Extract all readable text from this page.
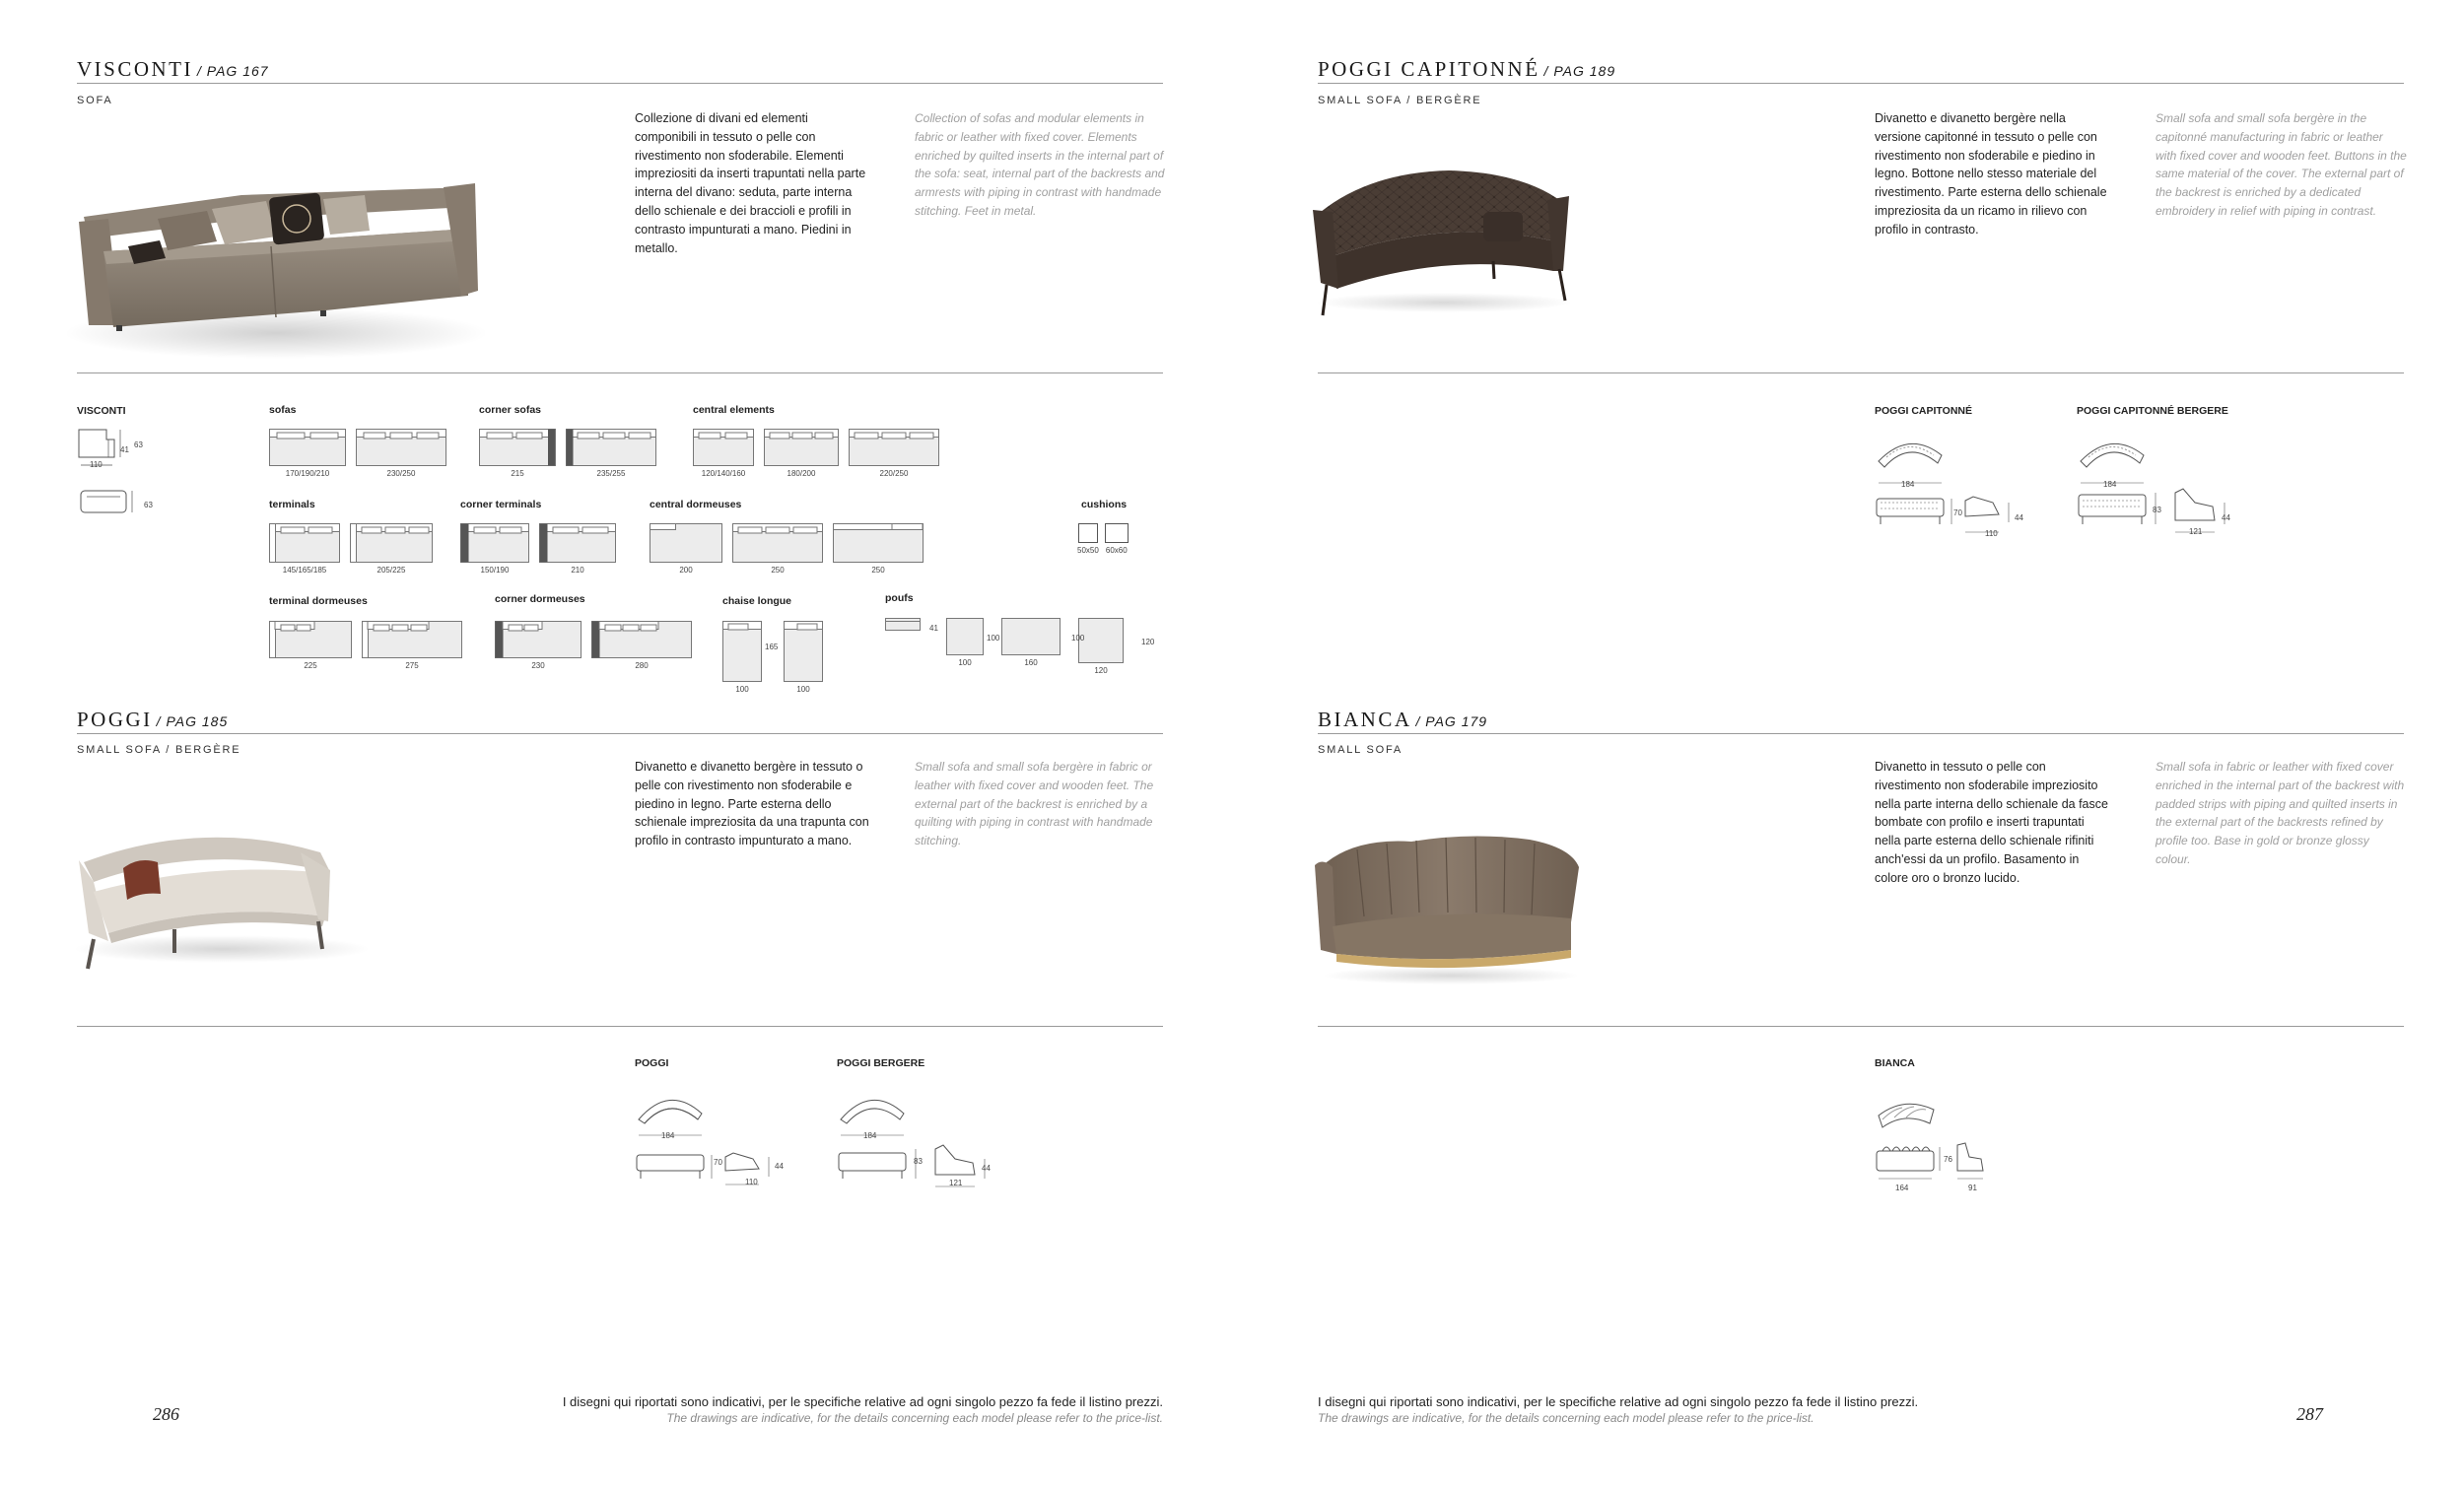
VISCONTI / PAG 167
SOFA
Collezione di divani ed elementi componibili in tessuto o pelle con rivestimento non sfoderabile. Elementi impreziositi da inserti trapuntati nella parte interna del divano: seduta, parte interna dello schienale e dei braccioli e profili in contrasto impunturati a mano. Piedini in metallo.
Collection of sofas and modular elements in fabric or leather with fixed cover. Elements enriched by quilted inserts in the internal part of the sofa: seat, internal part of the backrests and armrests with piping in contrast with handmade stitching. Feet in metal.
VISCONTI
110
41
63
63
sofas
170/190/210	230/250
corner sofas
215	235/255
central elements
120/140/160	180/200	220/250
terminals
145/165/185	205/225
corner terminals
150/190	210
central dormeuses
200	250	250
cushions
50x50 60x60
terminal dormeuses
225	275
corner dormeuses
230	280
chaise longue
100	100
165
poufs
41
100	160
120
100	100	120
POGGI / PAG 185
SMALL SOFA / BERGÈRE
Divanetto e divanetto bergère in tessuto o pelle con rivestimento non sfoderabile e piedino in legno. Parte esterna dello schienale impreziosita da una trapunta con profilo in contrasto impunturato a mano.
Small sofa and small sofa bergère in fabric or leather with fixed cover and wooden feet. The external part of the backrest is enriched by a quilting with piping in contrast with handmade stitching.
POGGI
184
70
110
44
POGGI BERGERE
184
83
121
44
286
I disegni qui riportati sono indicativi, per le specifiche relative ad ogni singolo pezzo fa fede il listino prezzi.
The drawings are indicative, for the details concerning each model please refer to the price-list.
POGGI CAPITONNÉ / PAG 189
SMALL SOFA / BERGÈRE
Divanetto e divanetto bergère nella versione capitonné in tessuto o pelle con rivestimento non sfoderabile e piedino in legno. Bottone nello stesso materiale del rivestimento. Parte esterna dello schienale impreziosita da un ricamo in rilievo con profilo in contrasto.
Small sofa and small sofa bergère in the capitonné manufacturing in fabric or leather with fixed cover and wooden feet. Buttons in the same material of the cover. The external part of the backrest is enriched by a dedicated embroidery in relief with piping in contrast.
POGGI CAPITONNÉ
184
70
110
44
POGGI CAPITONNÉ BERGERE
184
83
121
44
BIANCA / PAG 179
SMALL SOFA
Divanetto in tessuto o pelle con rivestimento non sfoderabile impreziosito nella parte interna dello schienale da fasce bombate con profilo e inserti trapuntati nella parte esterna dello schienale rifiniti anch'essi da un profilo. Basamento in colore oro o bronzo lucido.
Small sofa in fabric or leather with fixed cover enriched in the internal part of the backrest with padded strips with piping and quilted inserts in the external part of the backrests refined by profile too. Base in gold or bronze glossy colour.
BIANCA
164
76
91
I disegni qui riportati sono indicativi, per le specifiche relative ad ogni singolo pezzo fa fede il listino prezzi.
The drawings are indicative, for the details concerning each model please refer to the price-list.	287
